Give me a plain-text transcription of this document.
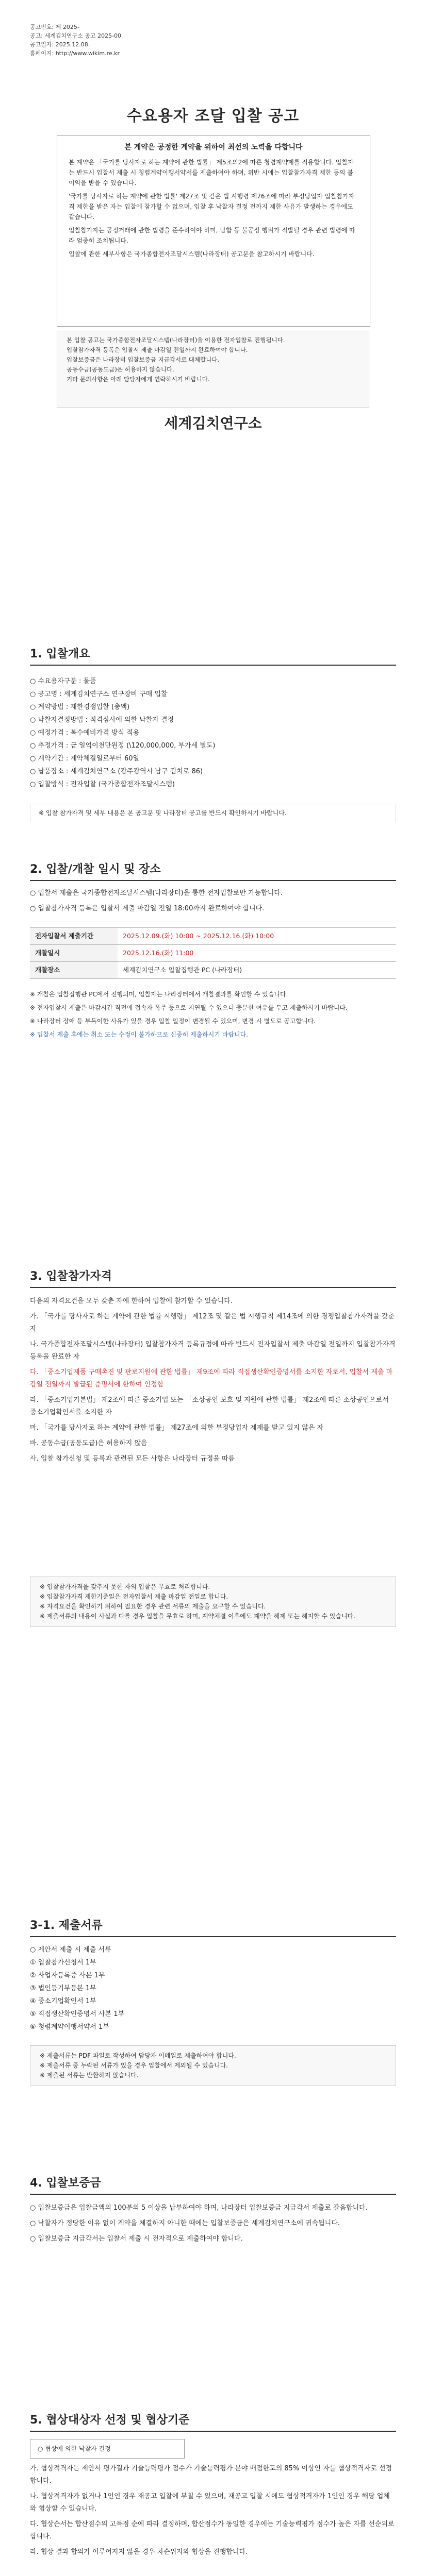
공고번호: 제 2025-
공고: 세계김치연구소 공고 2025-00
공고일자: 2025.12.08.
홈페이지: http://www.wikim.re.kr
수요용자 조달 입찰 공고
본 계약은 공정한 계약을 위하여 최선의 노력을 다합니다

본 계약은 「국가를 당사자로 하는 계약에 관한 법률」 제5조의2에 따른 청렴계약제를 적용합니다. 입찰자는 반드시 입찰서 제출 시 청렴계약이행서약서를 제출하여야 하며, 위반 시에는 입찰참가자격 제한 등의 불이익을 받을 수 있습니다.

'국가를 당사자로 하는 계약에 관한 법률' 제27조 및 같은 법 시행령 제76조에 따라 부정당업자 입찰참가자격 제한을 받은 자는 입찰에 참가할 수 없으며, 입찰 후 낙찰자 결정 전까지 제한 사유가 발생하는 경우에도 같습니다.

입찰참가자는 공정거래에 관한 법령을 준수하여야 하며, 담합 등 불공정 행위가 적발될 경우 관련 법령에 따라 엄중히 조치됩니다.

입찰에 관한 세부사항은 국가종합전자조달시스템(나라장터) 공고문을 참고하시기 바랍니다.

본 입찰 공고는 국가종합전자조달시스템(나라장터)을 이용한 전자입찰로 진행됩니다.
입찰참가자격 등록은 입찰서 제출 마감일 전일까지 완료하여야 합니다.
입찰보증금은 나라장터 입찰보증금 지급각서로 대체합니다.
공동수급(공동도급)은 허용하지 않습니다.
기타 문의사항은 아래 담당자에게 연락하시기 바랍니다.
세계김치연구소
1. 입찰개요
○ 수요용자구분 : 물품
○ 공고명 : 세계김치연구소 연구장비 구매 입찰
○ 계약방법 : 제한경쟁입찰 (총액)
○ 낙찰자결정방법 : 적격심사에 의한 낙찰자 결정
○ 예정가격 : 복수예비가격 방식 적용
○ 추정가격 : 금 일억이천만원정 (\120,000,000, 부가세 별도)
○ 계약기간 : 계약체결일로부터 60일
○ 납품장소 : 세계김치연구소 (광주광역시 남구 김치로 86)
○ 입찰방식 : 전자입찰 (국가종합전자조달시스템)
※ 입찰 참가자격 및 세부 내용은 본 공고문 및 나라장터 공고를 반드시 확인하시기 바랍니다.
2. 입찰/개찰 일시 및 장소

○ 입찰서 제출은 국가종합전자조달시스템(나라장터)을 통한 전자입찰로만 가능합니다.

○ 입찰참가자격 등록은 입찰서 제출 마감일 전일 18:00까지 완료하여야 합니다.

전자입찰서 제출기간	2025.12.09.(화) 10:00 ~ 2025.12.16.(화) 10:00
개찰일시	2025.12.16.(화) 11:00
개찰장소	세계김치연구소 입찰집행관 PC (나라장터)

※ 개찰은 입찰집행관 PC에서 진행되며, 입찰자는 나라장터에서 개찰결과를 확인할 수 있습니다.

※ 전자입찰서 제출은 마감시간 직전에 접속자 폭주 등으로 지연될 수 있으니 충분한 여유를 두고 제출하시기 바랍니다.

※ 나라장터 장애 등 부득이한 사유가 있을 경우 입찰 일정이 변경될 수 있으며, 변경 시 별도로 공고합니다.

※ 입찰서 제출 후에는 취소 또는 수정이 불가하므로 신중히 제출하시기 바랍니다.

3. 입찰참가자격

다음의 자격요건을 모두 갖춘 자에 한하여 입찰에 참가할 수 있습니다.

가. 「국가를 당사자로 하는 계약에 관한 법률 시행령」 제12조 및 같은 법 시행규칙 제14조에 의한 경쟁입찰참가자격을 갖춘 자

나. 국가종합전자조달시스템(나라장터) 입찰참가자격 등록규정에 따라 반드시 전자입찰서 제출 마감일 전일까지 입찰참가자격 등록을 완료한 자

다. 「중소기업제품 구매촉진 및 판로지원에 관한 법률」 제9조에 따라 직접생산확인증명서를 소지한 자로서, 입찰서 제출 마감일 전일까지 발급된 증명서에 한하여 인정함

라. 「중소기업기본법」 제2조에 따른 중소기업 또는 「소상공인 보호 및 지원에 관한 법률」 제2조에 따른 소상공인으로서 중소기업확인서를 소지한 자

마. 「국가를 당사자로 하는 계약에 관한 법률」 제27조에 의한 부정당업자 제재를 받고 있지 않은 자

바. 공동수급(공동도급)은 허용하지 않음

사. 입찰 참가신청 및 등록과 관련된 모든 사항은 나라장터 규정을 따름

※ 입찰참가자격을 갖추지 못한 자의 입찰은 무효로 처리합니다.
※ 입찰참가자격 제한기준일은 전자입찰서 제출 마감일 전일로 합니다.
※ 자격요건을 확인하기 위하여 필요한 경우 관련 서류의 제출을 요구할 수 있습니다.
※ 제출서류의 내용이 사실과 다를 경우 입찰을 무효로 하며, 계약체결 이후에도 계약을 해제 또는 해지할 수 있습니다.
3-1. 제출서류
○ 제안서 제출 시 제출 서류
① 입찰참가신청서 1부
② 사업자등록증 사본 1부
③ 법인등기부등본 1부
④ 중소기업확인서 1부
⑤ 직접생산확인증명서 사본 1부
⑥ 청렴계약이행서약서 1부
※ 제출서류는 PDF 파일로 작성하여 담당자 이메일로 제출하여야 합니다.
※ 제출서류 중 누락된 서류가 있을 경우 입찰에서 제외될 수 있습니다.
※ 제출된 서류는 반환하지 않습니다.
4. 입찰보증금

○ 입찰보증금은 입찰금액의 100분의 5 이상을 납부하여야 하며, 나라장터 입찰보증금 지급각서 제출로 갈음합니다.

○ 낙찰자가 정당한 이유 없이 계약을 체결하지 아니한 때에는 입찰보증금은 세계김치연구소에 귀속됩니다.

○ 입찰보증금 지급각서는 입찰서 제출 시 전자적으로 제출하여야 합니다.

5. 협상대상자 선정 및 협상기준
○ 협상에 의한 낙찰자 결정

가. 협상적격자는 제안서 평가결과 기술능력평가 점수가 기술능력평가 분야 배점한도의 85% 이상인 자를 협상적격자로 선정합니다.

나. 협상적격자가 없거나 1인인 경우 재공고 입찰에 부칠 수 있으며, 재공고 입찰 시에도 협상적격자가 1인인 경우 해당 업체와 협상할 수 있습니다.

다. 협상순서는 합산점수의 고득점 순에 따라 결정하며, 합산점수가 동일한 경우에는 기술능력평가 점수가 높은 자를 선순위로 합니다.

라. 협상 결과 합의가 이루어지지 않을 경우 차순위자와 협상을 진행합니다.
